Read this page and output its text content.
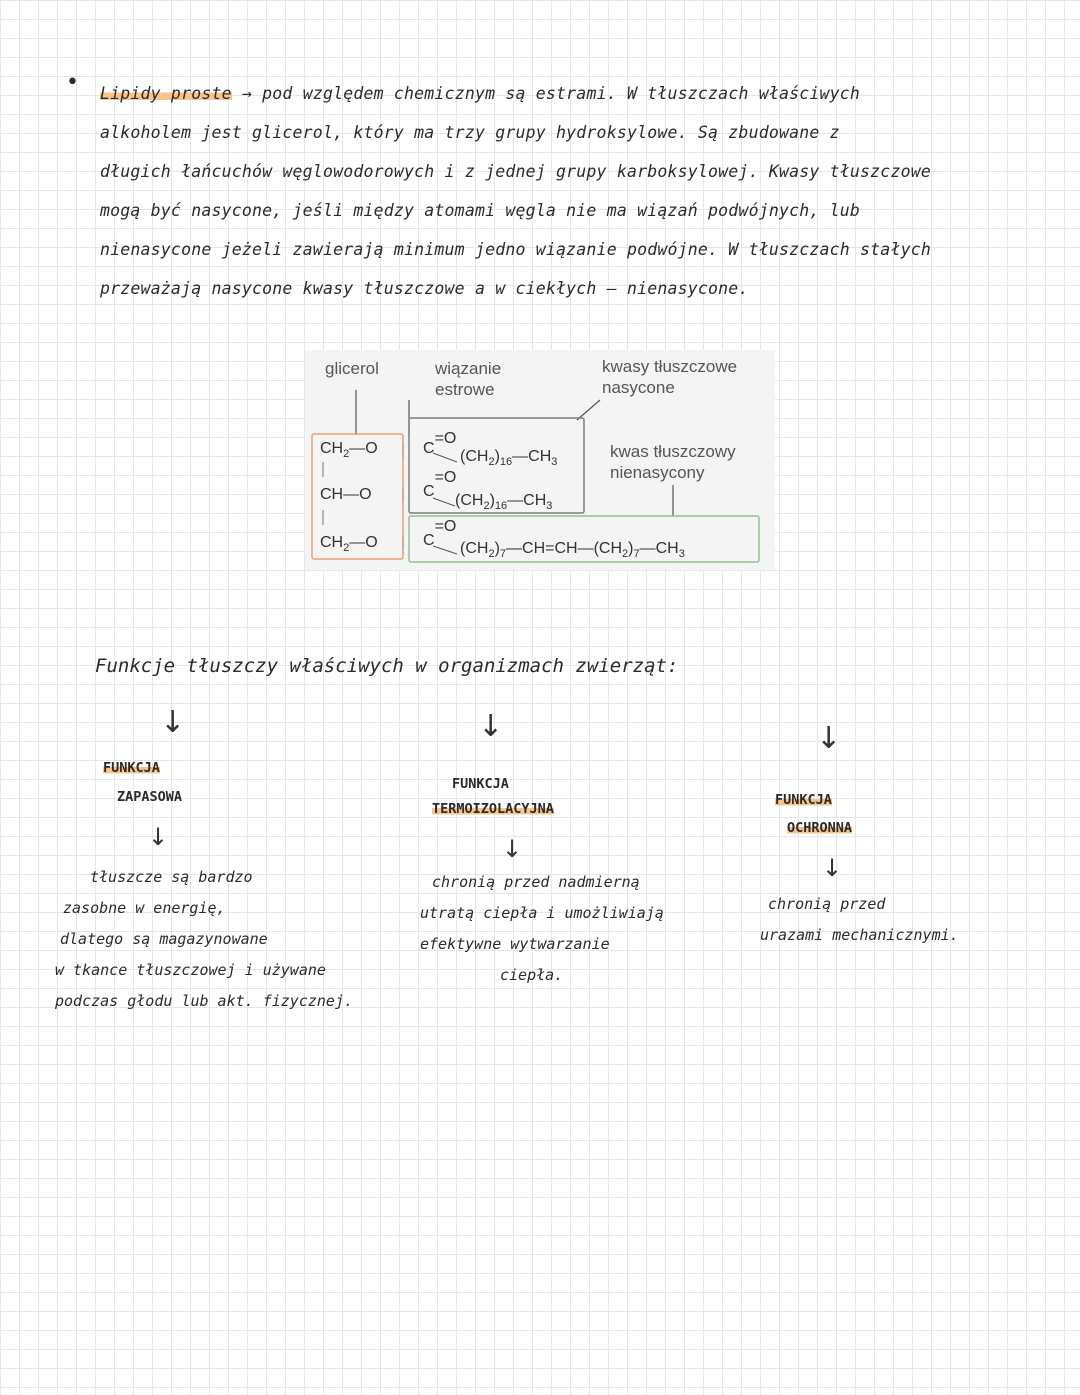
• Lipidy proste → pod względem chemicznym są estrami. W tłuszczach właściwych

alkoholem jest glicerol, który ma trzy grupy hydroksylowe. Są zbudowane z

długich łańcuchów węglowodorowych i z jednej grupy karboksylowej. Kwasy tłuszczowe

mogą być nasycone, jeśli między atomami węgla nie ma wiązań podwójnych, lub

nienasycone jeżeli zawierają minimum jedno wiązanie podwójne. W tłuszczach stałych

przeważają nasycone kwasy tłuszczowe a w ciekłych – nienasycone.

glicerol	wiązanie
estrowe
kwasy tłuszczowe
nasycone
kwas tłuszczowy
nienasycony
$CH_2—O$	C=O
$(CH_2)_{16}—CH_3$
CH—O	C=O
$(CH_2)_{16}—CH_3$
$CH_2—O$	C=O
$(CH_2)_7—CH=CH—(CH_2)_7—CH_3$
Funkcje tłuszczy właściwych w organizmach zwierząt:
↓	↓	↓
FUNKCJA
ZAPASOWA
↓

tłuszcze są bardzo

zasobne w energię,

dlatego są magazynowane

w tkance tłuszczowej i używane

podczas głodu lub akt. fizycznej.

FUNKCJA
TERMOIZOLACYJNA
↓

chronią przed nadmierną

utratą ciepła i umożliwiają

efektywne wytwarzanie

ciepła.

FUNKCJA
OCHRONNA
↓

chronią przed

urazami mechanicznymi.
